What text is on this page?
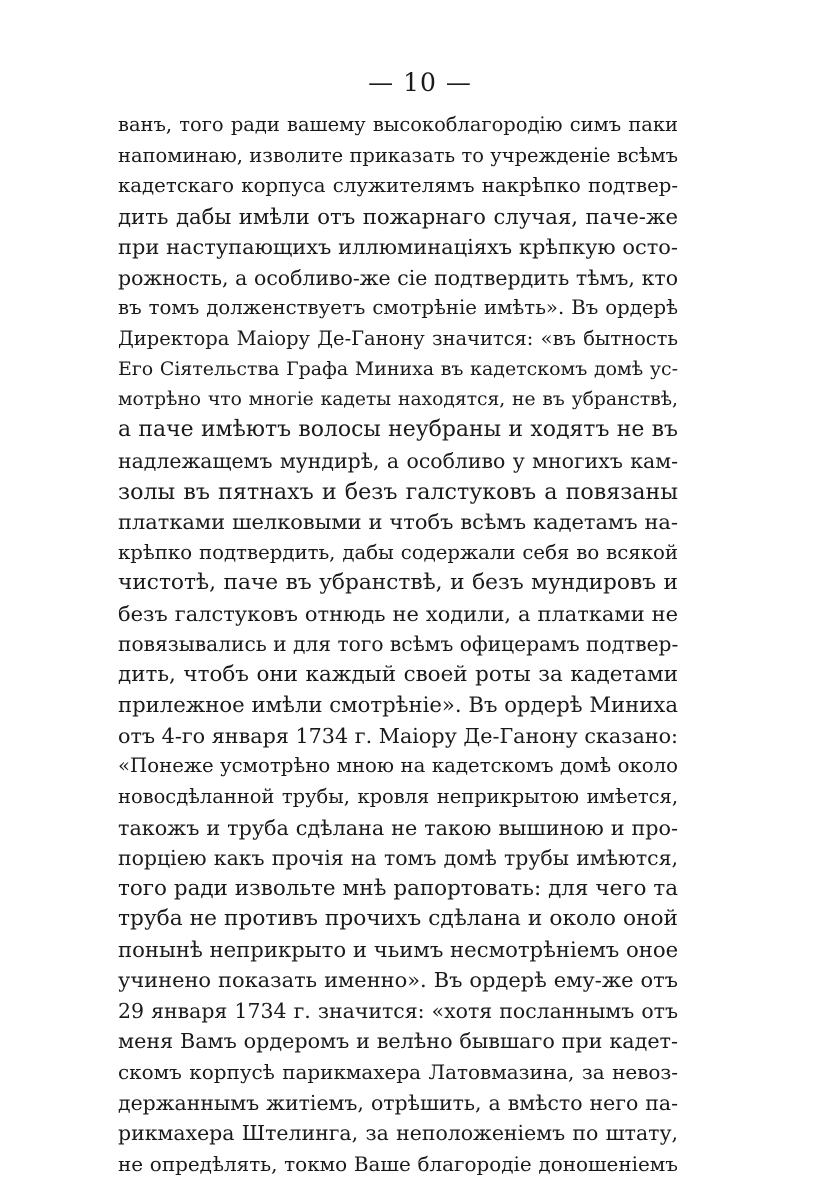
— 10 —
ванъ, того ради вашему высокоблагородію симъ паки
напоминаю, изволите приказать то учрежденіе всѣмъ
кадетскаго корпуса служителямъ накрѣпко подтвер-
дить дабы имѣли отъ пожарнаго случая, паче-же
при наступающихъ иллюминаціяхъ крѣпкую осто-
рожность, а особливо-же сіе подтвердить тѣмъ, кто
въ томъ долженствуетъ смотрѣніе имѣть». Въ ордерѣ
Директора Маіору Де-Ганону значится: «въ бытность
Его Сіятельства Графа Миниха въ кадетскомъ домѣ ус-
мотрѣно что многіе кадеты находятся, не въ убранствѣ,
а паче имѣютъ волосы неубраны и ходятъ не въ
надлежащемъ мундирѣ, а особливо у многихъ кам-
золы въ пятнахъ и безъ галстуковъ а повязаны
платками шелковыми и чтобъ всѣмъ кадетамъ на-
крѣпко подтвердить, дабы содержали себя во всякой
чистотѣ, паче въ убранствѣ, и безъ мундировъ и
безъ галстуковъ отнюдь не ходили, а платками не
повязывались и для того всѣмъ офицерамъ подтвер-
дить, чтобъ они каждый своей роты за кадетами
прилежное имѣли смотрѣніе». Въ ордерѣ Миниха
отъ 4-го января 1734 г. Маіору Де-Ганону сказано:
«Понеже усмотрѣно мною на кадетскомъ домѣ около
новосдѣланной трубы, кровля неприкрытою имѣется,
такожъ и труба сдѣлана не такою вышиною и про-
порціею какъ прочія на томъ домѣ трубы имѣются,
того ради извольте мнѣ рапортовать: для чего та
труба не противъ прочихъ сдѣлана и около оной
понынѣ неприкрыто и чьимъ несмотрѣніемъ оное
учинено показать именно». Въ ордерѣ ему-же отъ
29 января 1734 г. значится: «хотя посланнымъ отъ
меня Вамъ ордеромъ и велѣно бывшаго при кадет-
скомъ корпусѣ парикмахера Латовмазина, за невоз-
держаннымъ житіемъ, отрѣшить, а вмѣсто него па-
рикмахера Штелинга, за неположеніемъ по штату,
не опредѣлять, токмо Ваше благородіе доношеніемъ
